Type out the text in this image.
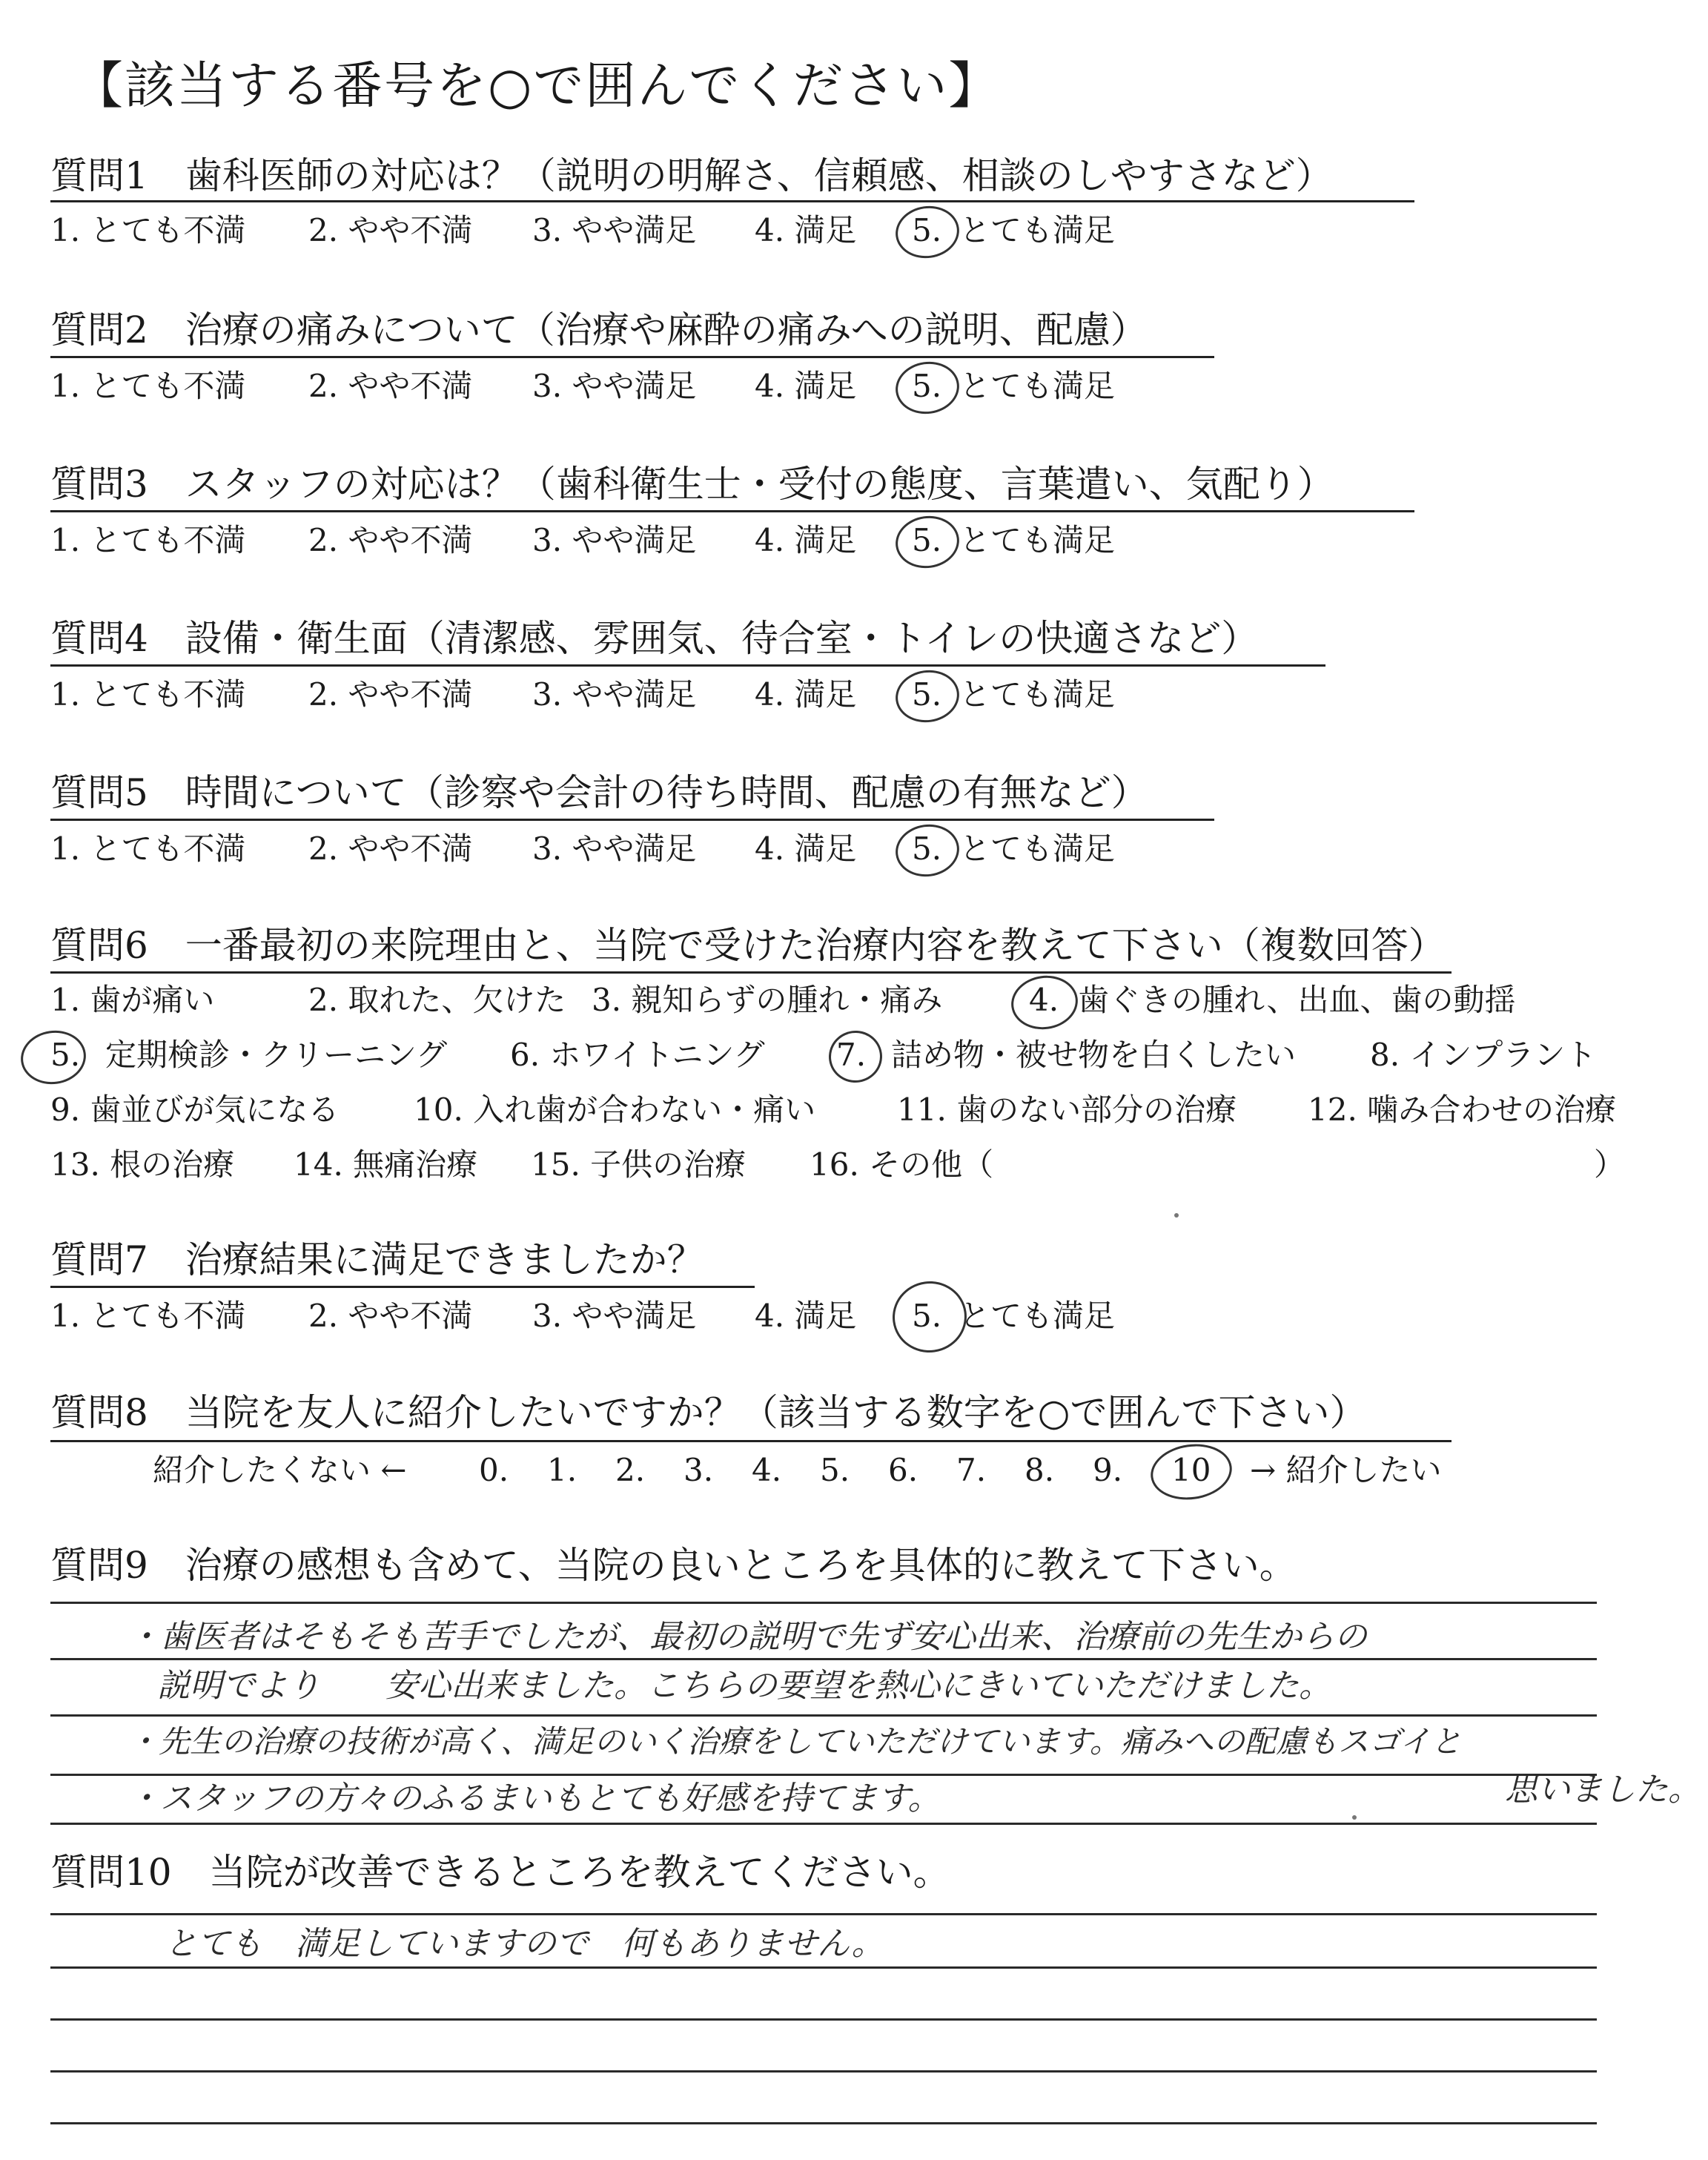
【該当する番号を○で囲んでください】
質問1　歯科医師の対応は？（説明の明解さ、信頼感、相談のしやすさなど）
1. とても不満 2. やや不満 3. やや満足 4. 満足 5. とても満足
質問2　治療の痛みについて（治療や麻酔の痛みへの説明、配慮）
1. とても不満 2. やや不満 3. やや満足 4. 満足 5. とても満足
質問3　スタッフの対応は？（歯科衛生士・受付の態度、言葉遣い、気配り）
1. とても不満 2. やや不満 3. やや満足 4. 満足 5. とても満足
質問4　設備・衛生面（清潔感、雰囲気、待合室・トイレの快適さなど）
1. とても不満 2. やや不満 3. やや満足 4. 満足 5. とても満足
質問5　時間について（診察や会計の待ち時間、配慮の有無など）
1. とても不満 2. やや不満 3. やや満足 4. 満足 5. とても満足
質問6　一番最初の来院理由と、当院で受けた治療内容を教えて下さい（複数回答）
1. 歯が痛い	2. 取れた、欠けた 3. 親知らずの腫れ・痛み	4. 歯ぐきの腫れ、出血、歯の動揺
5. 定期検診・クリーニング 6. ホワイトニング 7. 詰め物・被せ物を白くしたい 8. インプラント
9. 歯並びが気になる 10. 入れ歯が合わない・痛い	11. 歯のない部分の治療 12. 噛み合わせの治療
13. 根の治療 14. 無痛治療 15. 子供の治療 16. その他（	）
質問7　治療結果に満足できましたか？
1. とても不満 2. やや不満 3. やや満足 4. 満足 5. とても満足
質問8　当院を友人に紹介したいですか？（該当する数字を○で囲んで下さい）
紹介したくない ← 0. 1. 2. 3. 4. 5. 6. 7. 8. 9. 10 → 紹介したい
質問9　治療の感想も含めて、当院の良いところを具体的に教えて下さい。
・歯医者はそもそも苦手でしたが、最初の説明で先ず安心出来、治療前の先生からの
説明でより　　安心出来ました。こちらの要望を熱心にきいていただけました。
・先生の治療の技術が高く、満足のいく治療をしていただけています。痛みへの配慮もスゴイと
・スタッフの方々のふるまいもとても好感を持てます。	思いました。
質問10　当院が改善できるところを教えてください。
とても　満足していますので　何もありません。
